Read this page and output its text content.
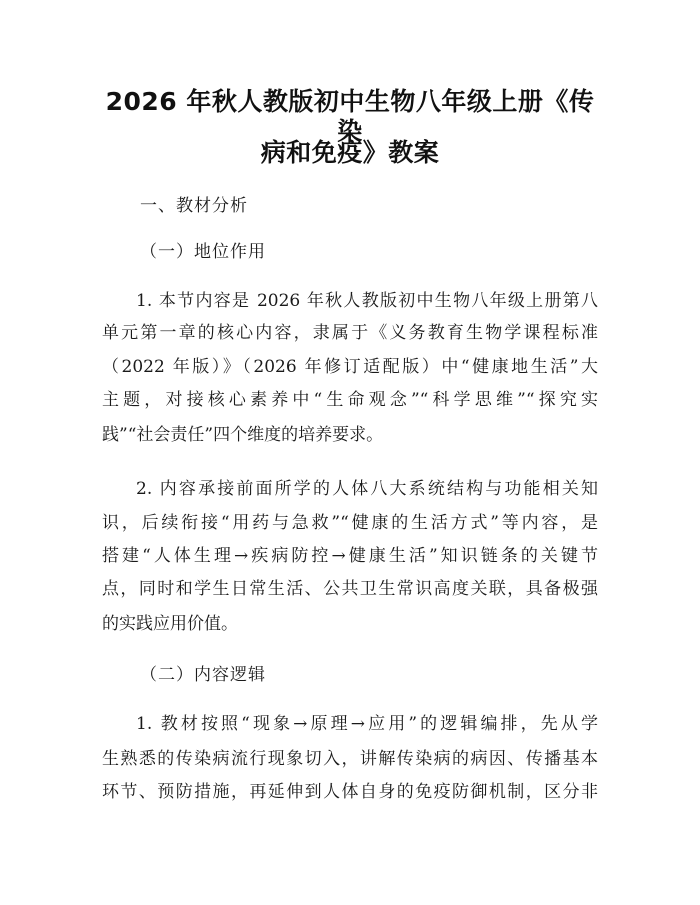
2026 年秋人教版初中生物八年级上册《传染
病和免疫》教案
一、教材分析
（一）地位作用
1. 本节内容是 2026 年秋人教版初中生物八年级上册第八
单元第一章的核心内容，隶属于《义务教育生物学课程标准
（2022 年版）》（2026 年修订适配版）中“健康地生活”大
主题，对接核心素养中“生命观念”“科学思维”“探究实
践”“社会责任”四个维度的培养要求。
2. 内容承接前面所学的人体八大系统结构与功能相关知
识，后续衔接“用药与急救”“健康的生活方式”等内容，是
搭建“人体生理→疾病防控→健康生活”知识链条的关键节
点，同时和学生日常生活、公共卫生常识高度关联，具备极强
的实践应用价值。
（二）内容逻辑
1. 教材按照“现象→原理→应用”的逻辑编排，先从学
生熟悉的传染病流行现象切入，讲解传染病的病因、传播基本
环节、预防措施，再延伸到人体自身的免疫防御机制，区分非
